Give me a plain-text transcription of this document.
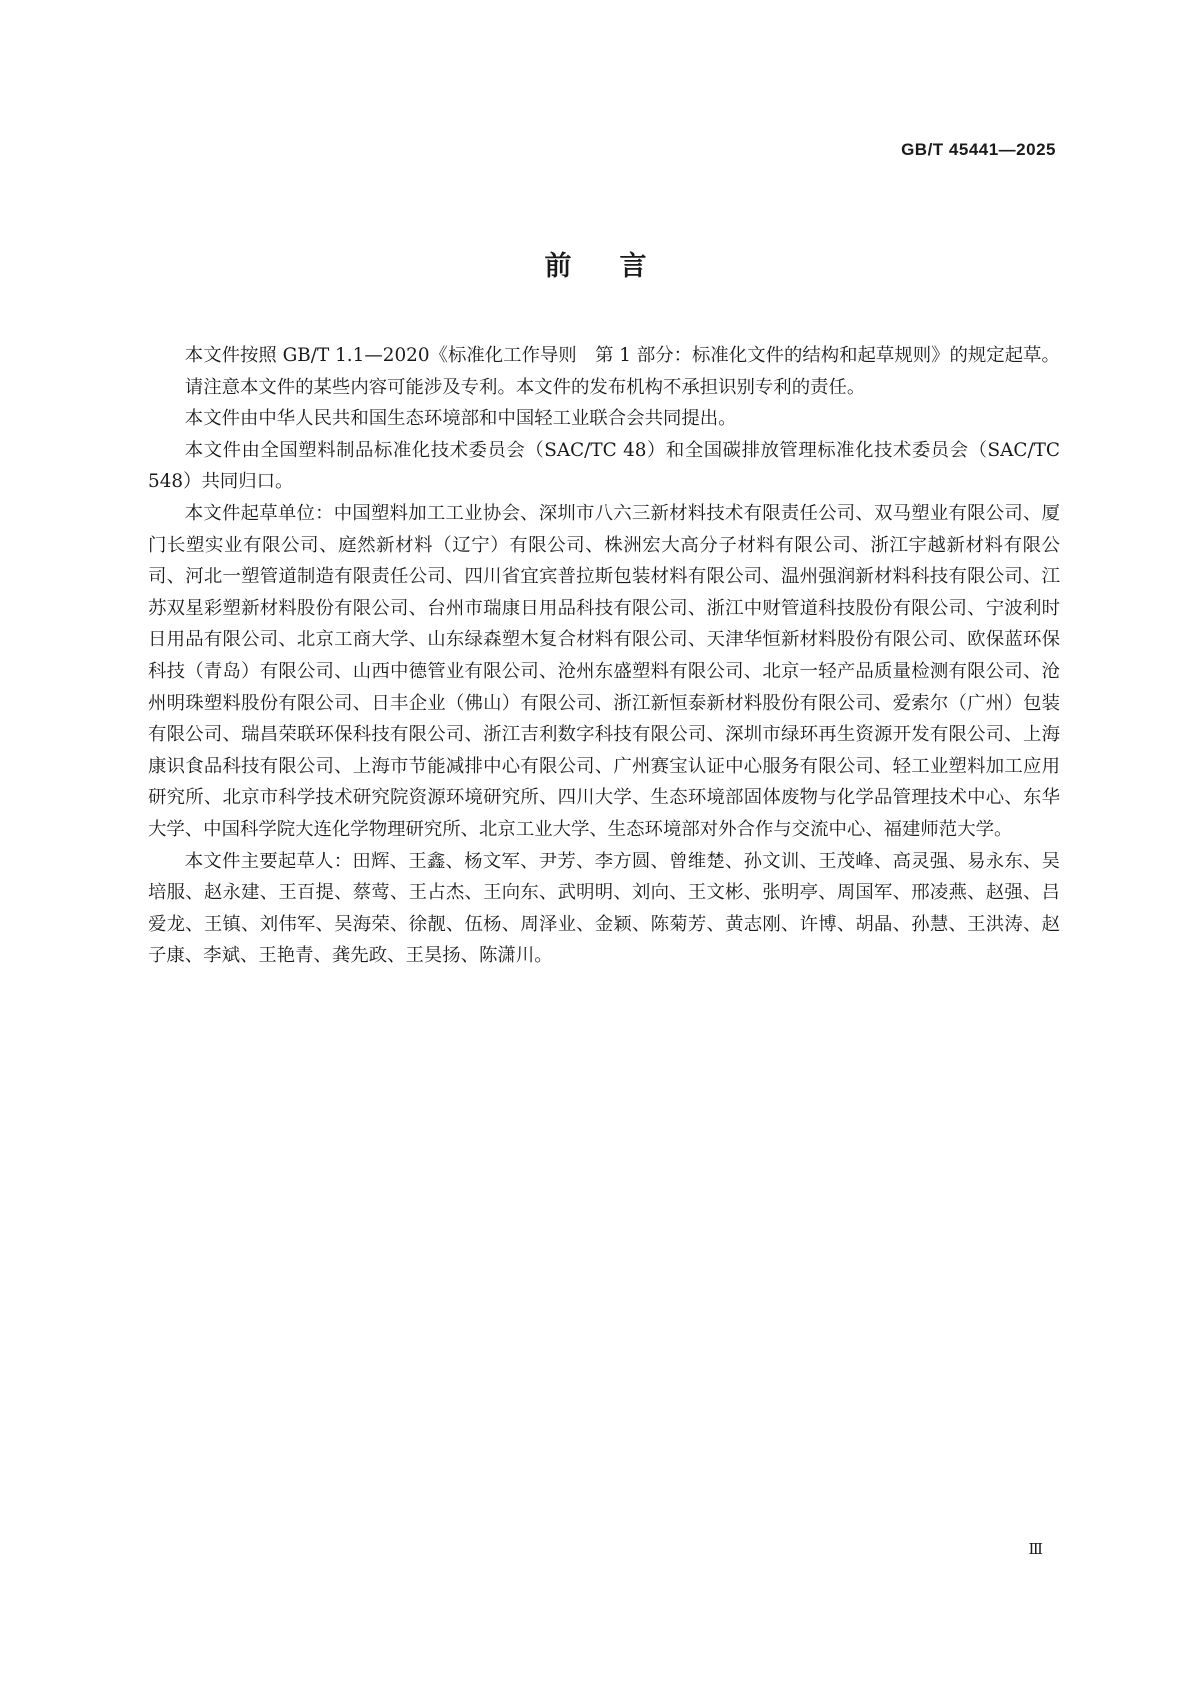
GB/T 45441—2025
前言

本文件按照 GB/T 1.1—2020《标准化工作导则　第 1 部分：标准化文件的结构和起草规则》的规定起草。

请注意本文件的某些内容可能涉及专利。本文件的发布机构不承担识别专利的责任。

本文件由中华人民共和国生态环境部和中国轻工业联合会共同提出。

本文件由全国塑料制品标准化技术委员会（SAC/TC 48）和全国碳排放管理标准化技术委员会（SAC/TC 548）共同归口。

本文件起草单位：中国塑料加工工业协会、深圳市八六三新材料技术有限责任公司、双马塑业有限公司、厦门长塑实业有限公司、庭然新材料（辽宁）有限公司、株洲宏大高分子材料有限公司、浙江宇越新材料有限公司、河北一塑管道制造有限责任公司、四川省宜宾普拉斯包装材料有限公司、温州强润新材料科技有限公司、江苏双星彩塑新材料股份有限公司、台州市瑞康日用品科技有限公司、浙江中财管道科技股份有限公司、宁波利时日用品有限公司、北京工商大学、山东绿森塑木复合材料有限公司、天津华恒新材料股份有限公司、欧保蓝环保科技（青岛）有限公司、山西中德管业有限公司、沧州东盛塑料有限公司、北京一轻产品质量检测有限公司、沧州明珠塑料股份有限公司、日丰企业（佛山）有限公司、浙江新恒泰新材料股份有限公司、爱索尔（广州）包装有限公司、瑞昌荣联环保科技有限公司、浙江吉利数字科技有限公司、深圳市绿环再生资源开发有限公司、上海康识食品科技有限公司、上海市节能减排中心有限公司、广州赛宝认证中心服务有限公司、轻工业塑料加工应用研究所、北京市科学技术研究院资源环境研究所、四川大学、生态环境部固体废物与化学品管理技术中心、东华大学、中国科学院大连化学物理研究所、北京工业大学、生态环境部对外合作与交流中心、福建师范大学。

本文件主要起草人：田辉、王鑫、杨文军、尹芳、李方圆、曾维楚、孙文训、王茂峰、高灵强、易永东、吴培服、赵永建、王百提、蔡莺、王占杰、王向东、武明明、刘向、王文彬、张明亭、周国军、邢凌燕、赵强、吕爱龙、王镇、刘伟军、吴海荣、徐靓、伍杨、周泽业、金颖、陈菊芳、黄志刚、许博、胡晶、孙慧、王洪涛、赵子康、李斌、王艳青、龚先政、王昊扬、陈潇川。

Ⅲ
